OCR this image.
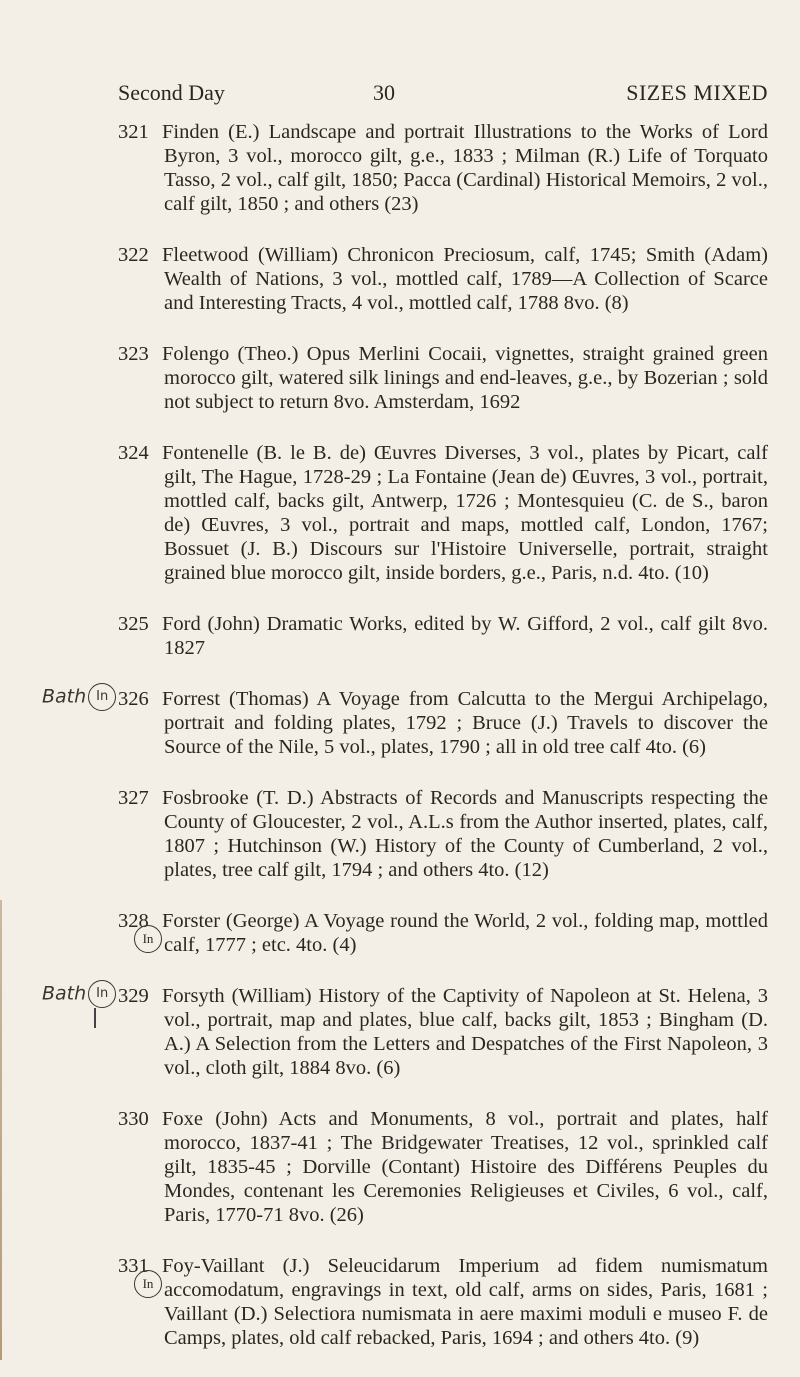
Second Day	30	SIZES MIXED
321 Finden (E.) Landscape and portrait Illustrations to the Works of Lord Byron, 3 vol., morocco gilt, g.e., 1833 ; Milman (R.) Life of Torquato Tasso, 2 vol., calf gilt, 1850; Pacca (Cardinal) Historical Memoirs, 2 vol., calf gilt, 1850 ; and others (23)
322 Fleetwood (William) Chronicon Preciosum, calf, 1745; Smith (Adam) Wealth of Nations, 3 vol., mottled calf, 1789—A Collection of Scarce and Interesting Tracts, 4 vol., mottled calf, 1788 8vo. (8)
323 Folengo (Theo.) Opus Merlini Cocaii, vignettes, straight grained green morocco gilt, watered silk linings and end-leaves, g.e., by Bozerian ; sold not subject to return 8vo. Amsterdam, 1692
324 Fontenelle (B. le B. de) Œuvres Diverses, 3 vol., plates by Picart, calf gilt, The Hague, 1728-29 ; La Fontaine (Jean de) Œuvres, 3 vol., portrait, mottled calf, backs gilt, Antwerp, 1726 ; Montesquieu (C. de S., baron de) Œuvres, 3 vol., portrait and maps, mottled calf, London, 1767; Bossuet (J. B.) Discours sur l'Histoire Universelle, portrait, straight grained blue morocco gilt, inside borders, g.e., Paris, n.d. 4to. (10)
325 Ford (John) Dramatic Works, edited by W. Gifford, 2 vol., calf gilt 8vo. 1827
Bath In 326 Forrest (Thomas) A Voyage from Calcutta to the Mergui Archipelago, portrait and folding plates, 1792 ; Bruce (J.) Travels to discover the Source of the Nile, 5 vol., plates, 1790 ; all in old tree calf 4to. (6)
327 Fosbrooke (T. D.) Abstracts of Records and Manuscripts respecting the County of Gloucester, 2 vol., A.L.s from the Author inserted, plates, calf, 1807 ; Hutchinson (W.) History of the County of Cumberland, 2 vol., plates, tree calf gilt, 1794 ; and others 4to. (12)
328
In
Forster (George) A Voyage round the World, 2 vol., folding map, mottled calf, 1777 ; etc. 4to. (4)
Bath In 329 Forsyth (William) History of the Captivity of Napoleon at St. Helena, 3 vol., portrait, map and plates, blue calf, backs gilt, 1853 ; Bingham (D. A.) A Selection from the Letters and Despatches of the First Napoleon, 3 vol., cloth gilt, 1884 8vo. (6)
330 Foxe (John) Acts and Monuments, 8 vol., portrait and plates, half morocco, 1837-41 ; The Bridgewater Treatises, 12 vol., sprinkled calf gilt, 1835-45 ; Dorville (Contant) Histoire des Différens Peuples du Mondes, contenant les Ceremonies Religieuses et Civiles, 6 vol., calf, Paris, 1770-71 8vo. (26)
331
In
Foy-Vaillant (J.) Seleucidarum Imperium ad fidem numismatum accomodatum, engravings in text, old calf, arms on sides, Paris, 1681 ; Vaillant (D.) Selectiora numismata in aere maximi moduli e museo F. de Camps, plates, old calf rebacked, Paris, 1694 ; and others 4to. (9)
